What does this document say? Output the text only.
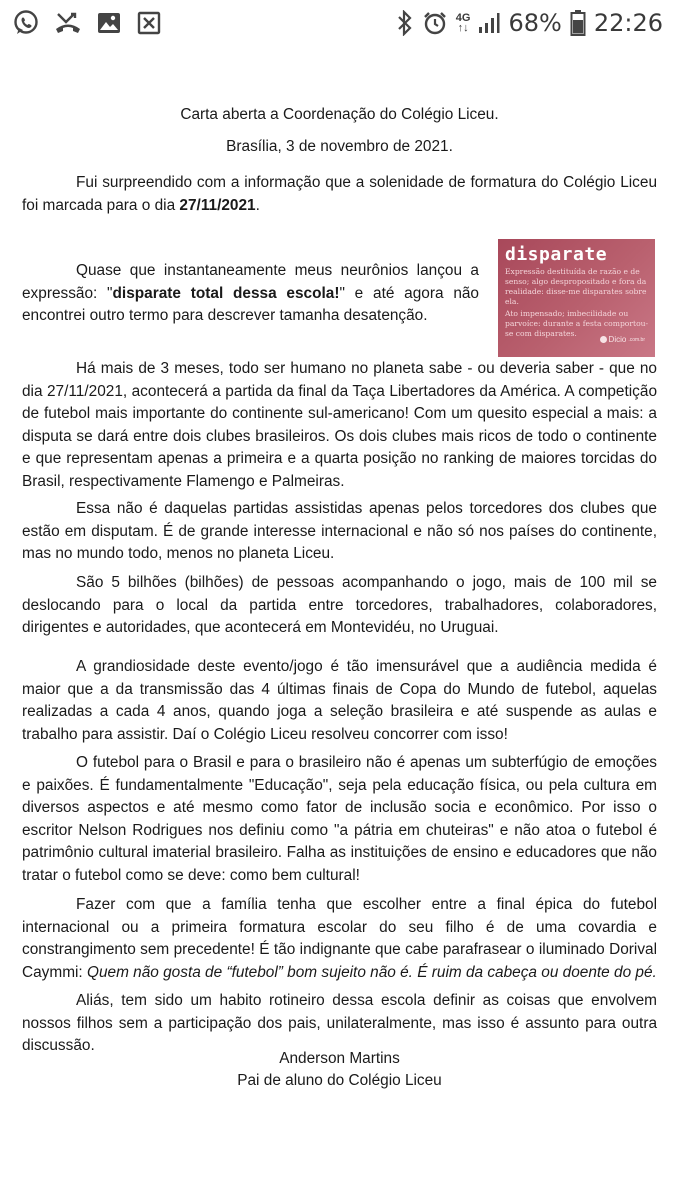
4G
↑↓ 68% 22:26

Carta aberta a Coordenação do Colégio Liceu.

Brasília, 3 de novembro de 2021.

Fui surpreendido com a informação que a solenidade de formatura do Colégio Liceu foi marcada para o dia 27/11/2021.

Quase que instantaneamente meus neurônios lançou a expressão: "disparate total dessa escola!" e até agora não encontrei outro termo para descrever tamanha desatenção.

disparate
Expressão destituída de razão e de senso; algo despropositado e fora da realidade: disse-me disparates sobre ela.
Ato impensado; imbecilidade ou parvoíce: durante a festa comportou-se com disparates.
Dicio .com.br

Há mais de 3 meses, todo ser humano no planeta sabe - ou deveria saber - que no dia 27/11/2021, acontecerá a partida da final da Taça Libertadores da América. A competição de futebol mais importante do continente sul-americano! Com um quesito especial a mais: a disputa se dará entre dois clubes brasileiros. Os dois clubes mais ricos de todo o continente e que representam apenas a primeira e a quarta posição no ranking de maiores torcidas do Brasil, respectivamente Flamengo e Palmeiras.

Essa não é daquelas partidas assistidas apenas pelos torcedores dos clubes que estão em disputam. É de grande interesse internacional e não só nos países do continente, mas no mundo todo, menos no planeta Liceu.

São 5 bilhões (bilhões) de pessoas acompanhando o jogo, mais de 100 mil se deslocando para o local da partida entre torcedores, trabalhadores, colaboradores, dirigentes e autoridades, que acontecerá em Montevidéu, no Uruguai.

A grandiosidade deste evento/jogo é tão imensurável que a audiência medida é maior que a da transmissão das 4 últimas finais de Copa do Mundo de futebol, aquelas realizadas a cada 4 anos, quando joga a seleção brasileira e até suspende as aulas e trabalho para assistir. Daí o Colégio Liceu resolveu concorrer com isso!

O futebol para o Brasil e para o brasileiro não é apenas um subterfúgio de emoções e paixões. É fundamentalmente "Educação", seja pela educação física, ou pela cultura em diversos aspectos e até mesmo como fator de inclusão socia e econômico. Por isso o escritor Nelson Rodrigues nos definiu como "a pátria em chuteiras" e não atoa o futebol é patrimônio cultural imaterial brasileiro. Falha as instituições de ensino e educadores que não tratar o futebol como se deve: como bem cultural!

Fazer com que a família tenha que escolher entre a final épica do futebol internacional ou a primeira formatura escolar do seu filho é de uma covardia e constrangimento sem precedente! É tão indignante que cabe parafrasear o iluminado Dorival Caymmi: Quem não gosta de “futebol” bom sujeito não é. É ruim da cabeça ou doente do pé.

Aliás, tem sido um habito rotineiro dessa escola definir as coisas que envolvem nossos filhos sem a participação dos pais, unilateralmente, mas isso é assunto para outra discussão.

Anderson Martins
Pai de aluno do Colégio Liceu
